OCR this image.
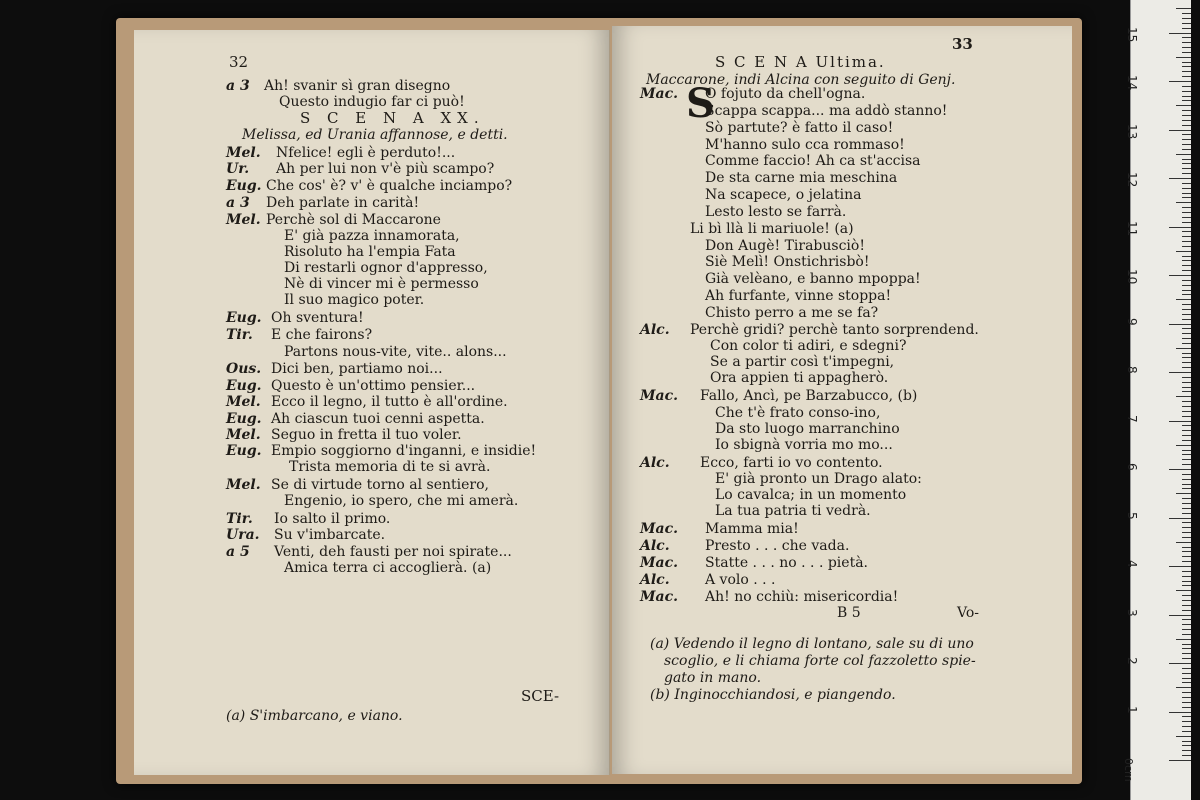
32
a 3 Ah! svanir sì gran disegno
Questo indugio far ci può!
S C E N A XX.
Melissa, ed Urania affannose, e detti.
Mel. Nfelice! egli è perduto!...
Ur. Ah per lui non v'è più scampo?
Eug. Che cos' è? v' è qualche inciampo?
a 3 Deh parlate in carità!
Mel. Perchè sol di Maccarone
E' già pazza innamorata,
Risoluto ha l'empia Fata
Di restarli ognor d'appresso,
Nè di vincer mi è permesso
Il suo magico poter.
Eug. Oh sventura!
Tir. E che fairons?
Partons nous-vite, vite.. alons...
Ous. Dici ben, partiamo noi...
Eug. Questo è un'ottimo pensier...
Mel. Ecco il legno, il tutto è all'ordine.
Eug. Ah ciascun tuoi cenni aspetta.
Mel. Seguo in fretta il tuo voler.
Eug. Empio soggiorno d'inganni, e insidie!
Trista memoria di te si avrà.
Mel. Se di virtude torno al sentiero,
Engenio, io spero, che mi amerà.
Tir. Io salto il primo.
Ura. Su v'imbarcate.
a 5 Venti, deh fausti per noi spirate...
Amica terra ci accoglierà. (a)
SCE-
(a) S'imbarcano, e viano.
33
S C E N A Ultima.
Maccarone, indi Alcina con seguito di Genj.
S
Mac. O fojuto da chell'ogna.
Scappa scappa... ma addò stanno!
Sò partute? è fatto il caso!
M'hanno sulo cca rommaso!
Comme faccio! Ah ca st'accisa
De sta carne mia meschina
Na scapece, o jelatina
Lesto lesto se farrà.
Li bì llà li mariuole! (a)
Don Augè! Tirabusciò!
Siè Melì! Onstichrisbò!
Già velèano, e banno mpoppa!
Ah furfante, vinne stoppa!
Chisto perro a me se fa?
Alc. Perchè gridi? perchè tanto sorprendend.
Con color ti adiri, e sdegni?
Se a partir così t'impegni,
Ora appien ti appagherò.
Mac. Fallo, Ancì, pe Barzabucco, (b)
Che t'è frato conso-ino,
Da sto luogo marranchino
Io sbignà vorria mo mo...
Alc. Ecco, farti io vo contento.
E' già pronto un Drago alato:
Lo cavalca; in un momento
La tua patria ti vedrà.
Mac. Mamma mia!
Alc.	Presto . . . che vada.
Mac. Statte . . . no . . . pietà.
Alc.	A volo . . .
Mac. Ah! no cchiù: misericordia!
B 5	Vo-
(a) Vedendo il legno di lontano, sale su di uno
scoglio, e li chiama forte col fazzoletto spie-
gato in mano.
(b) Inginocchiandosi, e piangendo.
0cm
1
2
3
4
5
6
7
8
9
10
11
12
13
14
15
